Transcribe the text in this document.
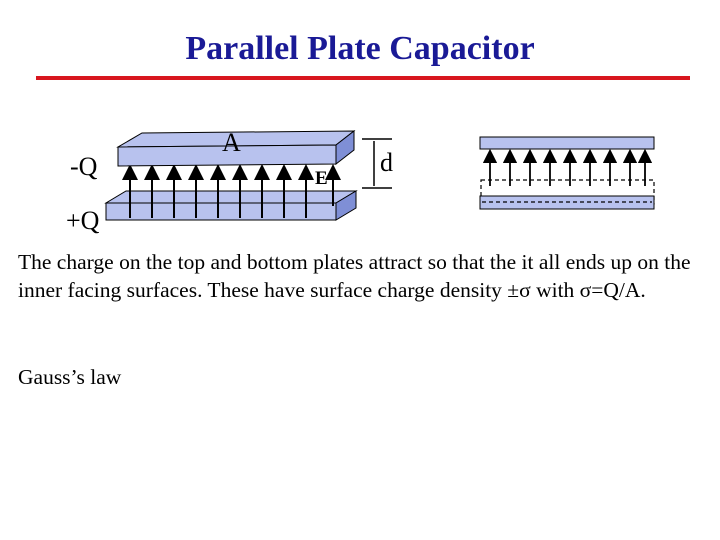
Parallel Plate Capacitor
-Q
+Q
A
E
d
The charge on the top and bottom plates attract so that the it all ends up on the inner facing surfaces. These have surface charge density ±σ with σ=Q/A.
Gauss’s law
